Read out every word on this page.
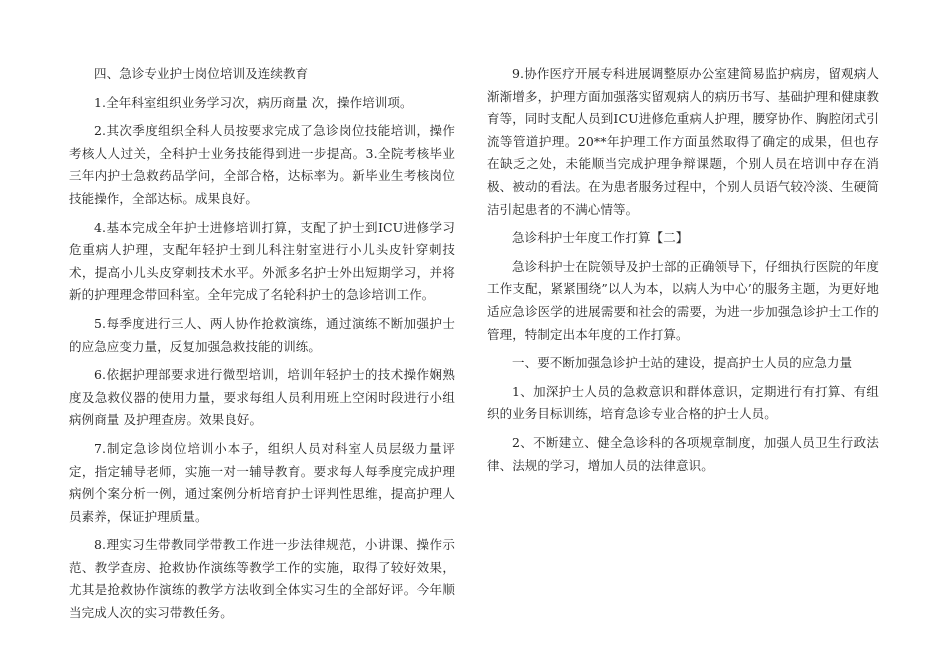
四、急诊专业护士岗位培训及连续教育

1.全年科室组织业务学习次，病历商量 次，操作培训项。

2.其次季度组织全科人员按要求完成了急诊岗位技能培训，操作考核人人过关，全科护士业务技能得到进一步提高。3.全院考核毕业三年内护士急救药品学问，全部合格，达标率为。新毕业生考核岗位技能操作，全部达标。成果良好。

4.基本完成全年护士进修培训打算，支配了护士到ICU进修学习危重病人护理，支配年轻护士到儿科注射室进行小儿头皮针穿刺技术，提高小儿头皮穿刺技术水平。外派多名护士外出短期学习，并将新的护理理念带回科室。全年完成了名轮科护士的急诊培训工作。

5.每季度进行三人、两人协作抢救演练，通过演练不断加强护士的应急应变力量，反复加强急救技能的训练。

6.依据护理部要求进行微型培训，培训年轻护士的技术操作娴熟度及急救仪器的使用力量，要求每组人员利用班上空闲时段进行小组病例商量 及护理查房。效果良好。

7.制定急诊岗位培训小本子，组织人员对科室人员层级力量评定，指定辅导老师，实施一对一辅导教育。要求每人每季度完成护理病例个案分析一例，通过案例分析培育护士评判性思维，提高护理人员素养，保证护理质量。

8.理实习生带教同学带教工作进一步法律规范，小讲课、操作示范、教学查房、抢救协作演练等教学工作的实施，取得了较好效果，尤其是抢救协作演练的教学方法收到全体实习生的全部好评。今年顺当完成人次的实习带教任务。

9.协作医疗开展专科进展调整原办公室建简易监护病房，留观病人渐渐增多，护理方面加强落实留观病人的病历书写、基础护理和健康教育等，同时支配人员到ICU进修危重病人护理，腰穿协作、胸腔闭式引流等管道护理。20**年护理工作方面虽然取得了确定的成果，但也存在缺乏之处，未能顺当完成护理争辩课题，个别人员在培训中存在消极、被动的看法。在为患者服务过程中，个别人员语气较冷淡、生硬简洁引起患者的不满心情等。

急诊科护士年度工作打算【二】

急诊科护士在院领导及护士部的正确领导下，仔细执行医院的年度工作支配，紧紧围绕”以人为本，以病人为中心’的服务主题，为更好地适应急诊医学的进展需要和社会的需要，为进一步加强急诊护士工作的管理，特制定出本年度的工作打算。

一、要不断加强急诊护士站的建设，提高护士人员的应急力量

1、加深护士人员的急救意识和群体意识，定期进行有打算、有组织的业务目标训练，培育急诊专业合格的护士人员。

2、不断建立、健全急诊科的各项规章制度，加强人员卫生行政法律、法规的学习，增加人员的法律意识。
